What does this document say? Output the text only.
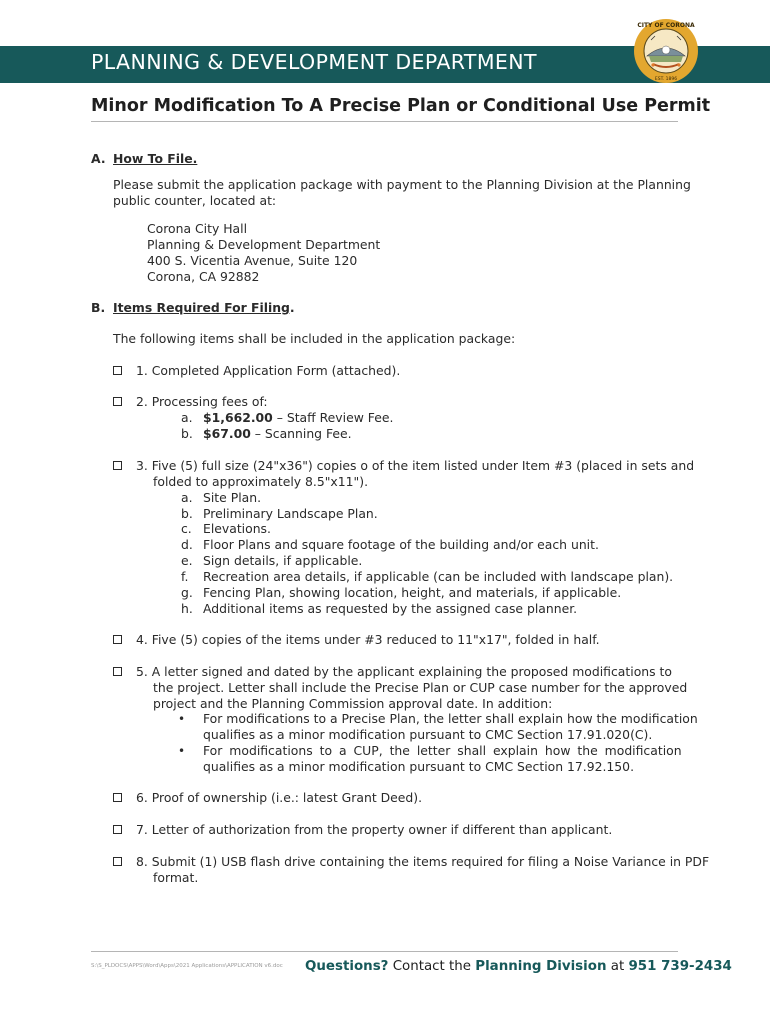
PLANNING & DEVELOPMENT DEPARTMENT
CITY OF CORONA
EST. 1896
Minor Modification To A Precise Plan or Conditional Use Permit
A. How To File.
Please submit the application package with payment to the Planning Division at the Planning
public counter, located at:
Corona City Hall
Planning & Development Department
400 S. Vicentia Avenue, Suite 120
Corona, CA 92882
B. Items Required For Filing.
The following items shall be included in the application package:
1. Completed Application Form (attached).
2. Processing fees of:
a. $1,662.00 – Staff Review Fee.
b. $67.00 – Scanning Fee.
3. Five (5) full size (24"x36") copies o of the item listed under Item #3 (placed in sets and
folded to approximately 8.5"x11").
a. Site Plan.
b. Preliminary Landscape Plan.
c. Elevations.
d. Floor Plans and square footage of the building and/or each unit.
e. Sign details, if applicable.
f. Recreation area details, if applicable (can be included with landscape plan).
g. Fencing Plan, showing location, height, and materials, if applicable.
h. Additional items as requested by the assigned case planner.
4. Five (5) copies of the items under #3 reduced to 11"x17", folded in half.
5. A letter signed and dated by the applicant explaining the proposed modifications to
the project. Letter shall include the Precise Plan or CUP case number for the approved
project and the Planning Commission approval date. In addition:
• For modifications to a Precise Plan, the letter shall explain how the modification
qualifies as a minor modification pursuant to CMC Section 17.91.020(C).
• For modifications to a CUP, the letter shall explain how the modification
qualifies as a minor modification pursuant to CMC Section 17.92.150.
6. Proof of ownership (i.e.: latest Grant Deed).
7. Letter of authorization from the property owner if different than applicant.
8. Submit (1) USB flash drive containing the items required for filing a Noise Variance in PDF
format.
S:\S_PLDOCS\APPS\Word\Apps\2021 Applications\APPLICATION v6.doc Questions? Contact the Planning Division at 951 739-2434
